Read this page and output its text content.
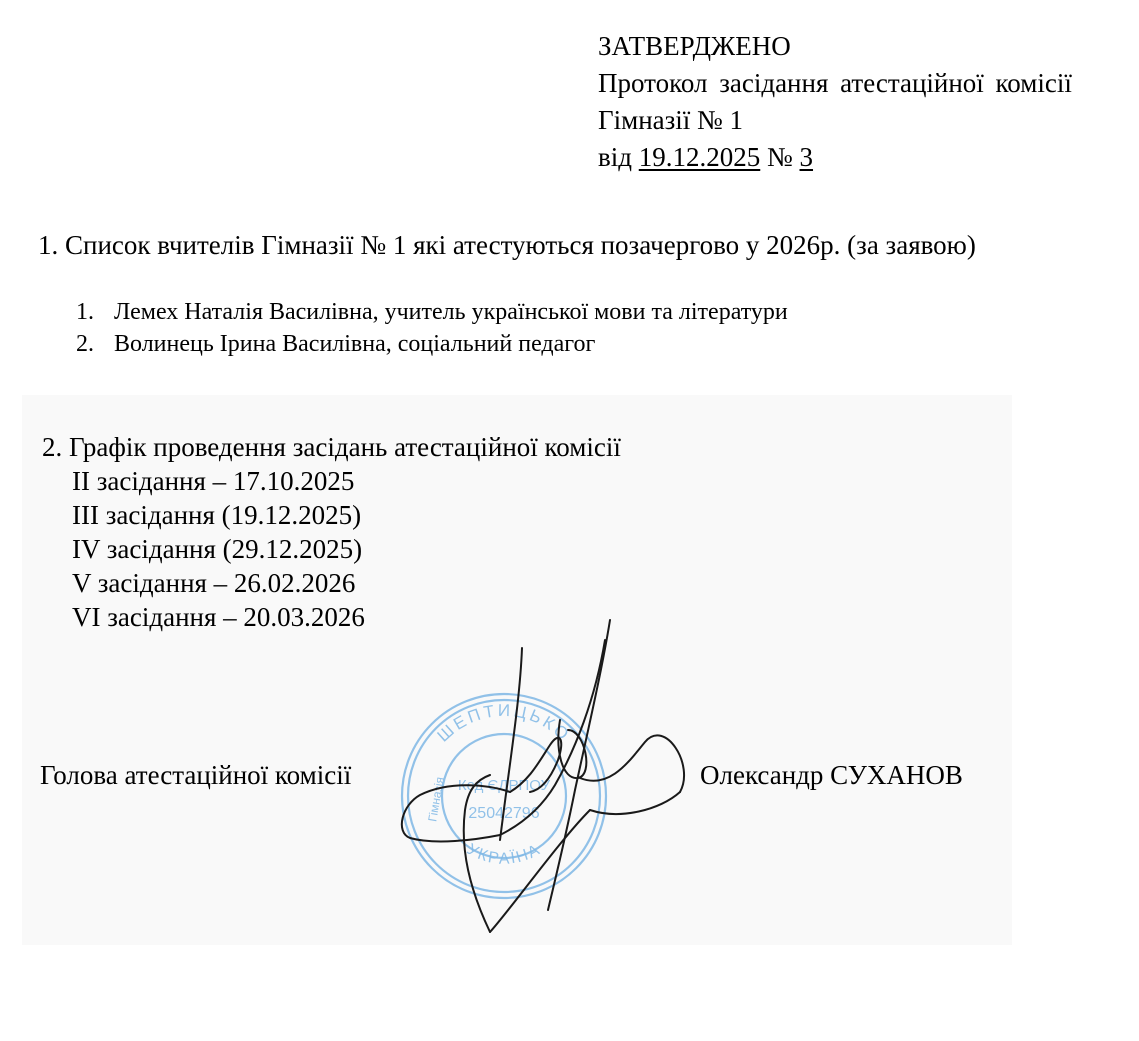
ЗАТВЕРДЖЕНО
Протокол засідання атестаційної комісії
Гімназії № 1
від 19.12.2025 № 3
1. Список вчителів Гімназії № 1 які атестуються позачергово у 2026р. (за заявою)
1. Лемех Наталія Василівна, учитель української мови та літератури
2. Волинець Ірина Василівна, соціальний педагог
2. Графік проведення засідань атестаційної комісії
II засідання – 17.10.2025
III засідання (19.12.2025)
IV засідання (29.12.2025)
V засідання – 26.02.2026
VI засідання – 20.03.2026
Голова атестаційної комісії	Олександр СУХАНОВ
ШЕПТИЦЬКО
УКРАЇНА
Гімназія Код ЄДРПОУ
25042796
